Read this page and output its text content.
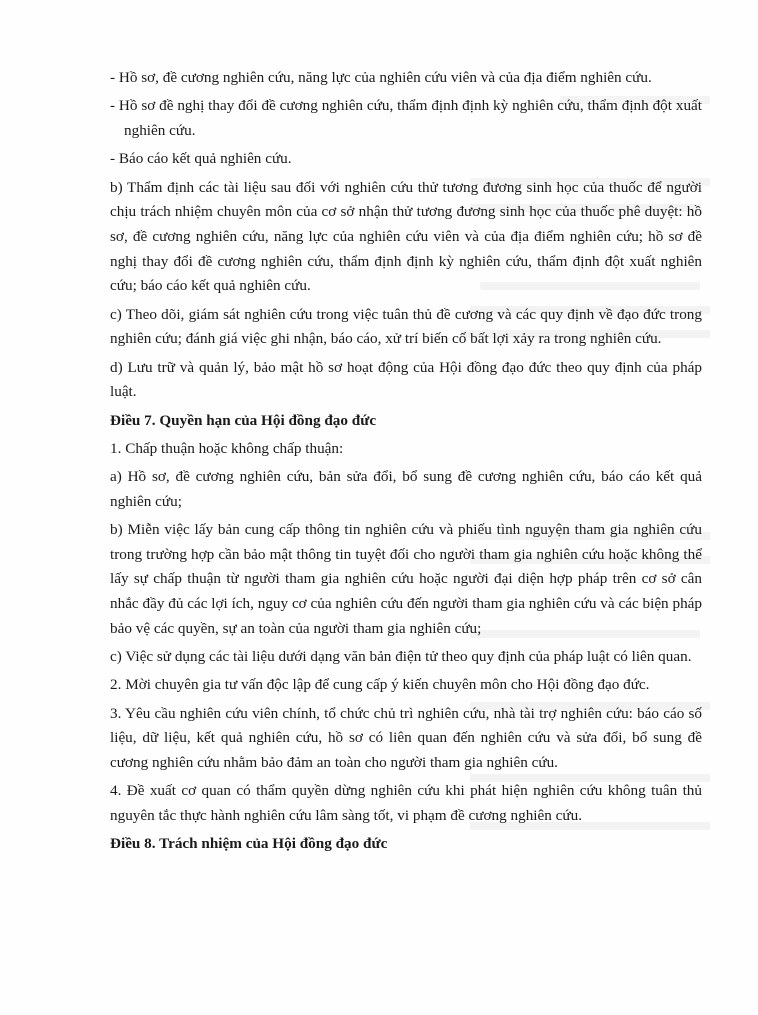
- Hồ sơ, đề cương nghiên cứu, năng lực của nghiên cứu viên và của địa điểm nghiên cứu.

- Hồ sơ đề nghị thay đổi đề cương nghiên cứu, thẩm định định kỳ nghiên cứu, thẩm định đột xuất nghiên cứu.

- Báo cáo kết quả nghiên cứu.

b) Thẩm định các tài liệu sau đối với nghiên cứu thử tương đương sinh học của thuốc để người chịu trách nhiệm chuyên môn của cơ sở nhận thử tương đương sinh học của thuốc phê duyệt: hồ sơ, đề cương nghiên cứu, năng lực của nghiên cứu viên và của địa điểm nghiên cứu; hồ sơ đề nghị thay đổi đề cương nghiên cứu, thẩm định định kỳ nghiên cứu, thẩm định đột xuất nghiên cứu; báo cáo kết quả nghiên cứu.

c) Theo dõi, giám sát nghiên cứu trong việc tuân thủ đề cương và các quy định về đạo đức trong nghiên cứu; đánh giá việc ghi nhận, báo cáo, xử trí biến cố bất lợi xảy ra trong nghiên cứu.

d) Lưu trữ và quản lý, bảo mật hồ sơ hoạt động của Hội đồng đạo đức theo quy định của pháp luật.

Điều 7. Quyền hạn của Hội đồng đạo đức

1. Chấp thuận hoặc không chấp thuận:

a) Hồ sơ, đề cương nghiên cứu, bản sửa đổi, bổ sung đề cương nghiên cứu, báo cáo kết quả nghiên cứu;

b) Miễn việc lấy bản cung cấp thông tin nghiên cứu và phiếu tình nguyện tham gia nghiên cứu trong trường hợp cần bảo mật thông tin tuyệt đối cho người tham gia nghiên cứu hoặc không thể lấy sự chấp thuận từ người tham gia nghiên cứu hoặc người đại diện hợp pháp trên cơ sở cân nhắc đầy đủ các lợi ích, nguy cơ của nghiên cứu đến người tham gia nghiên cứu và các biện pháp bảo vệ các quyền, sự an toàn của người tham gia nghiên cứu;

c) Việc sử dụng các tài liệu dưới dạng văn bản điện tử theo quy định của pháp luật có liên quan.

2. Mời chuyên gia tư vấn độc lập để cung cấp ý kiến chuyên môn cho Hội đồng đạo đức.

3. Yêu cầu nghiên cứu viên chính, tổ chức chủ trì nghiên cứu, nhà tài trợ nghiên cứu: báo cáo số liệu, dữ liệu, kết quả nghiên cứu, hồ sơ có liên quan đến nghiên cứu và sửa đổi, bổ sung đề cương nghiên cứu nhằm bảo đảm an toàn cho người tham gia nghiên cứu.

4. Đề xuất cơ quan có thẩm quyền dừng nghiên cứu khi phát hiện nghiên cứu không tuân thủ nguyên tắc thực hành nghiên cứu lâm sàng tốt, vi phạm đề cương nghiên cứu.

Điều 8. Trách nhiệm của Hội đồng đạo đức
